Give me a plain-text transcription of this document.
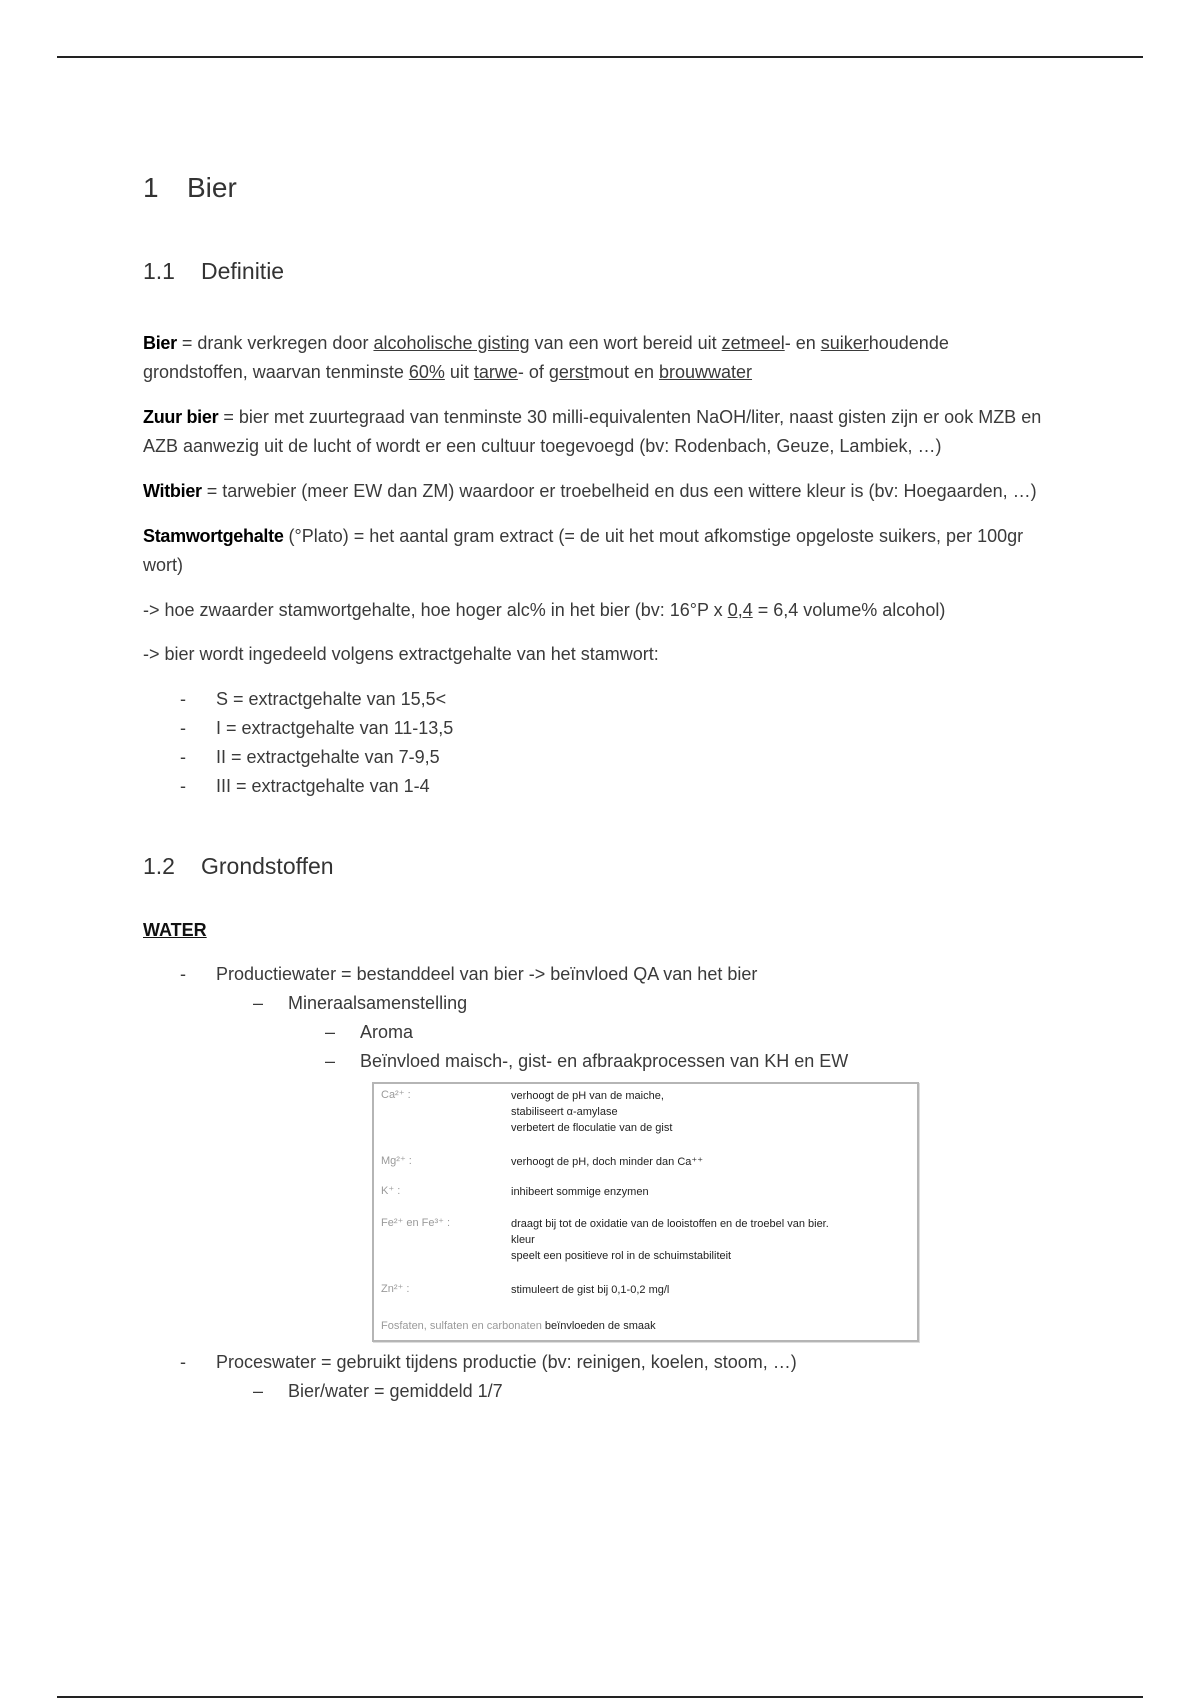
1 Bier
1.1 Definitie

Bier = drank verkregen door alcoholische gisting van een wort bereid uit zetmeel- en suikerhoudende
grondstoffen, waarvan tenminste 60% uit tarwe- of gerstmout en brouwwater

Zuur bier = bier met zuurtegraad van tenminste 30 milli-equivalenten NaOH/liter, naast gisten zijn er ook MZB en AZB aanwezig uit de lucht of wordt er een cultuur toegevoegd (bv: Rodenbach, Geuze, Lambiek, …)

Witbier = tarwebier (meer EW dan ZM) waardoor er troebelheid en dus een wittere kleur is (bv: Hoegaarden, …)

Stamwortgehalte (°Plato) = het aantal gram extract (= de uit het mout afkomstige opgeloste suikers, per 100gr wort)

-> hoe zwaarder stamwortgehalte, hoe hoger alc% in het bier (bv: 16°P x 0,4 = 6,4 volume% alcohol)

-> bier wordt ingedeeld volgens extractgehalte van het stamwort:

- S = extractgehalte van 15,5<
- I = extractgehalte van 11-13,5
- II = extractgehalte van 7-9,5
- III = extractgehalte van 1-4
1.2 Grondstoffen

WATER

- Productiewater = bestanddeel van bier -> beïnvloed QA van het bier
– Mineraalsamenstelling
– Aroma
– Beïnvloed maisch-, gist- en afbraakprocessen van KH en EW
Ca²⁺ :	verhoogt de pH van de maiche,
stabiliseert α-amylase
verbetert de floculatie van de gist
Mg²⁺ :	verhoogt de pH, doch minder dan Ca⁺⁺
K⁺ :	inhibeert sommige enzymen
Fe²⁺ en Fe³⁺ :	draagt bij tot de oxidatie van de looistoffen en de troebel van bier.
kleur
speelt een positieve rol in de schuimstabiliteit
Zn²⁺ :	stimuleert de gist bij 0,1-0,2 mg/l
Fosfaten, sulfaten en carbonaten beïnvloeden de smaak
- Proceswater = gebruikt tijdens productie (bv: reinigen, koelen, stoom, …)
– Bier/water = gemiddeld 1/7
